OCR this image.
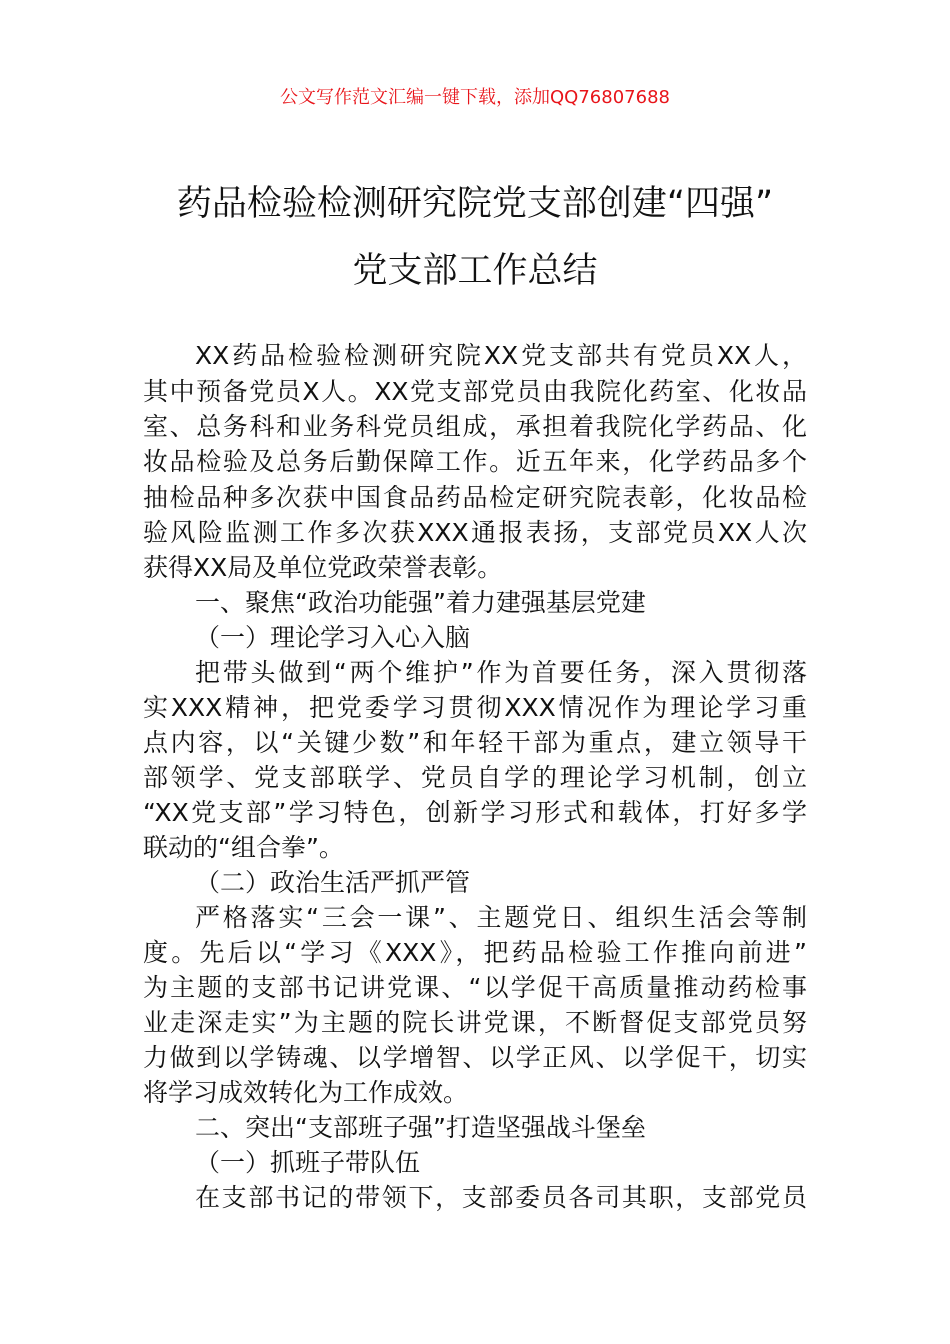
公文写作范文汇编一键下载，添加QQ76807688
药品检验检测研究院党支部创建“四强”
党支部工作总结
XX药品检验检测研究院XX党支部共有党员XX人，
其中预备党员X人。XX党支部党员由我院化药室、化妆品
室、总务科和业务科党员组成，承担着我院化学药品、化
妆品检验及总务后勤保障工作。近五年来，化学药品多个
抽检品种多次获中国食品药品检定研究院表彰，化妆品检
验风险监测工作多次获XXX通报表扬，支部党员XX人次
获得XX局及单位党政荣誉表彰。
一、聚焦“政治功能强”着力建强基层党建
（一）理论学习入心入脑
把带头做到“两个维护”作为首要任务，深入贯彻落
实XXX精神，把党委学习贯彻XXX情况作为理论学习重
点内容，以“关键少数”和年轻干部为重点，建立领导干
部领学、党支部联学、党员自学的理论学习机制，创立
“XX党支部”学习特色，创新学习形式和载体，打好多学
联动的“组合拳”。
（二）政治生活严抓严管
严格落实“三会一课”、主题党日、组织生活会等制
度。先后以“学习《XXX》，把药品检验工作推向前进”
为主题的支部书记讲党课、“以学促干高质量推动药检事
业走深走实”为主题的院长讲党课，不断督促支部党员努
力做到以学铸魂、以学增智、以学正风、以学促干，切实
将学习成效转化为工作成效。
二、突出“支部班子强”打造坚强战斗堡垒
（一）抓班子带队伍
在支部书记的带领下，支部委员各司其职，支部党员
